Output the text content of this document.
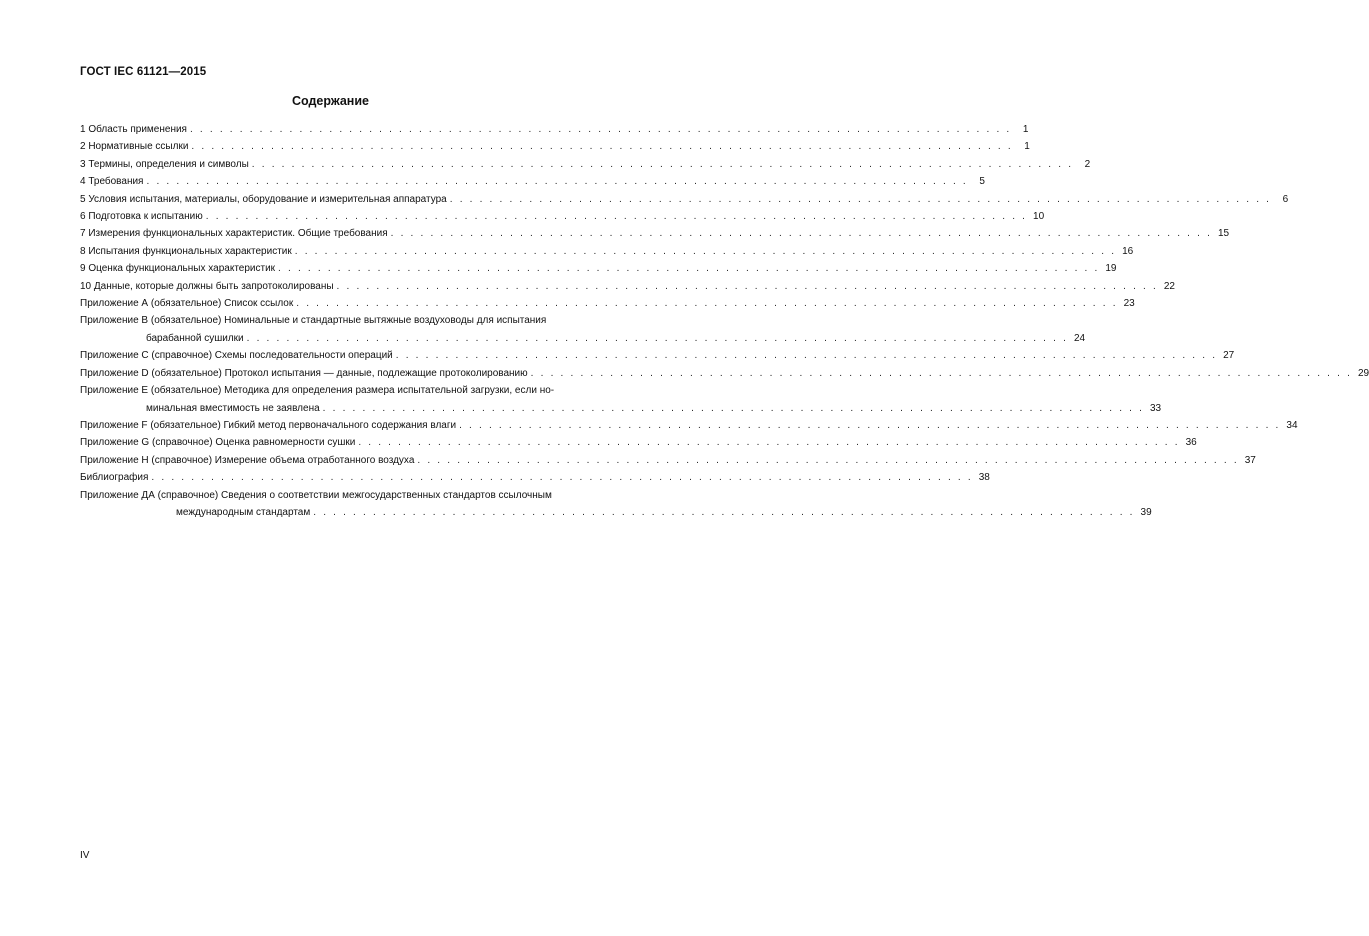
ГОСТ IEC 61121—2015
Содержание
1 Область применения . . . . . . . . . . . . . . . . . . . . . . . . . . . . . . . . . . . . . . . . . . . . . . . . . . . . . . . . . . . . . . . . . . . . . . . . . . . . . . . . . . .	1
2 Нормативные ссылки . . . . . . . . . . . . . . . . . . . . . . . . . . . . . . . . . . . . . . . . . . . . . . . . . . . . . . . . . . . . . . . . . . . . . . . . . . . . . . . . . . .	1
3 Термины, определения и символы . . . . . . . . . . . . . . . . . . . . . . . . . . . . . . . . . . . . . . . . . . . . . . . . . . . . . . . . . . . . . . . . . . . . . . . . . . . . . . . . . . .	2
4 Требования . . . . . . . . . . . . . . . . . . . . . . . . . . . . . . . . . . . . . . . . . . . . . . . . . . . . . . . . . . . . . . . . . . . . . . . . . . . . . . . . . . .	5
5 Условия испытания, материалы, оборудование и измерительная аппаратура . . . . . . . . . . . . . . . . . . . . . . . . . . . . . . . . . . . . . . . . . . . . . . . . . . . . . . . . . . . . . . . . . . . . . . . . . . . . . . . . . . .	6
6 Подготовка к испытанию . . . . . . . . . . . . . . . . . . . . . . . . . . . . . . . . . . . . . . . . . . . . . . . . . . . . . . . . . . . . . . . . . . . . . . . . . . . . . . . . . . . 10
7 Измерения функциональных характеристик. Общие требования . . . . . . . . . . . . . . . . . . . . . . . . . . . . . . . . . . . . . . . . . . . . . . . . . . . . . . . . . . . . . . . . . . . . . . . . . . . . . . . . . . . 15
8 Испытания функциональных характеристик . . . . . . . . . . . . . . . . . . . . . . . . . . . . . . . . . . . . . . . . . . . . . . . . . . . . . . . . . . . . . . . . . . . . . . . . . . . . . . . . . . . 16
9 Оценка функциональных характеристик . . . . . . . . . . . . . . . . . . . . . . . . . . . . . . . . . . . . . . . . . . . . . . . . . . . . . . . . . . . . . . . . . . . . . . . . . . . . . . . . . . . 19
10 Данные, которые должны быть запротоколированы . . . . . . . . . . . . . . . . . . . . . . . . . . . . . . . . . . . . . . . . . . . . . . . . . . . . . . . . . . . . . . . . . . . . . . . . . . . . . . . . . . . 22
Приложение А (обязательное) Список ссылок . . . . . . . . . . . . . . . . . . . . . . . . . . . . . . . . . . . . . . . . . . . . . . . . . . . . . . . . . . . . . . . . . . . . . . . . . . . . . . . . . . . 23
Приложение В (обязательное) Номинальные и стандартные вытяжные воздуховоды для испытания
барабанной сушилки . . . . . . . . . . . . . . . . . . . . . . . . . . . . . . . . . . . . . . . . . . . . . . . . . . . . . . . . . . . . . . . . . . . . . . . . . . . . . . . . . . . 24
Приложение С (справочное) Схемы последовательности операций . . . . . . . . . . . . . . . . . . . . . . . . . . . . . . . . . . . . . . . . . . . . . . . . . . . . . . . . . . . . . . . . . . . . . . . . . . . . . . . . . . . 27
Приложение D (обязательное) Протокол испытания — данные, подлежащие протоколированию . . . . . . . . . . . . . . . . . . . . . . . . . . . . . . . . . . . . . . . . . . . . . . . . . . . . . . . . . . . . . . . . . . . . . . . . . . . . . . . . . . . 29
Приложение Е (обязательное) Методика для определения размера испытательной загрузки, если но-
минальная вместимость не заявлена . . . . . . . . . . . . . . . . . . . . . . . . . . . . . . . . . . . . . . . . . . . . . . . . . . . . . . . . . . . . . . . . . . . . . . . . . . . . . . . . . . . 33
Приложение F (обязательное) Гибкий метод первоначального содержания влаги . . . . . . . . . . . . . . . . . . . . . . . . . . . . . . . . . . . . . . . . . . . . . . . . . . . . . . . . . . . . . . . . . . . . . . . . . . . . . . . . . . . 34
Приложение G (справочное) Оценка равномерности сушки . . . . . . . . . . . . . . . . . . . . . . . . . . . . . . . . . . . . . . . . . . . . . . . . . . . . . . . . . . . . . . . . . . . . . . . . . . . . . . . . . . . 36
Приложение Н (справочное) Измерение объема отработанного воздуха . . . . . . . . . . . . . . . . . . . . . . . . . . . . . . . . . . . . . . . . . . . . . . . . . . . . . . . . . . . . . . . . . . . . . . . . . . . . . . . . . . . 37
Библиография . . . . . . . . . . . . . . . . . . . . . . . . . . . . . . . . . . . . . . . . . . . . . . . . . . . . . . . . . . . . . . . . . . . . . . . . . . . . . . . . . . . 38
Приложение ДА (справочное) Сведения о соответствии межгосударственных стандартов ссылочным
международным стандартам . . . . . . . . . . . . . . . . . . . . . . . . . . . . . . . . . . . . . . . . . . . . . . . . . . . . . . . . . . . . . . . . . . . . . . . . . . . . . . . . . . . 39
IV
